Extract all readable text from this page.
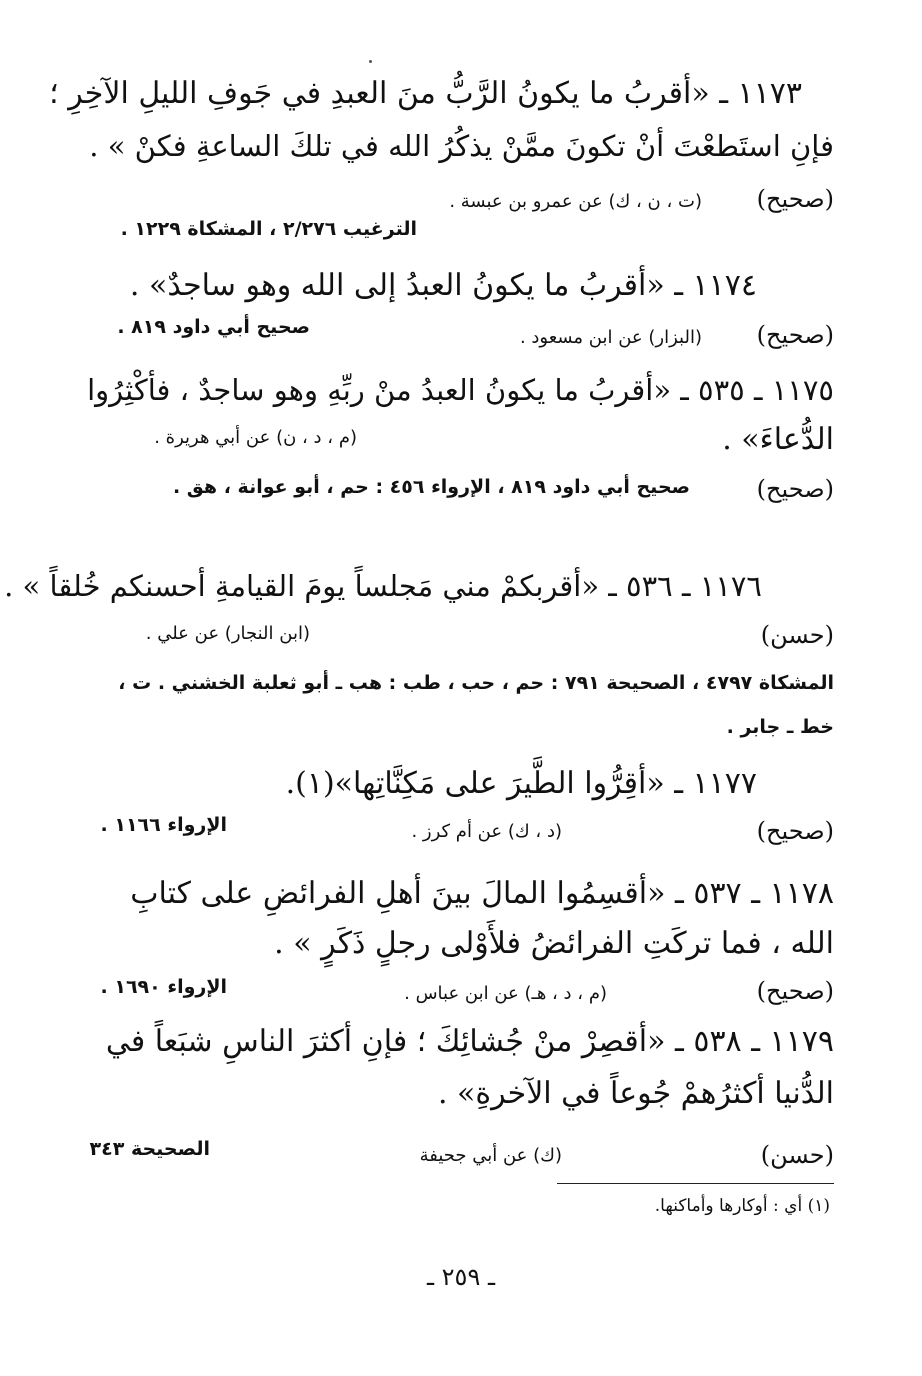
١١٧٣ ـ «أقربُ ما يكونُ الرَّبُّ منَ العبدِ في جَوفِ الليلِ الآخِرِ ؛
فإنِ استَطعْتَ أنْ تكونَ ممَّنْ يذكُرُ الله في تلكَ الساعةِ فكنْ » .
( صحيح )
(ت ، ن ، ك) عن عمرو بن عبسة .
الترغيب ٢/٢٧٦ ، المشكاة ١٢٢٩ .
١١٧٤ ـ «أقربُ ما يكونُ العبدُ إلى الله وهو ساجدٌ» .
( صحيح )
(البزار) عن ابن مسعود .
صحيح أبي داود ٨١٩ .
١١٧٥ ـ ٥٣٥ ـ «أقربُ ما يكونُ العبدُ منْ ربِّهِ وهو ساجدٌ ، فأكْثِرُوا
الدُّعاءَ» .
(م ، د ، ن) عن أبي هريرة .
( صحيح )
صحيح أبي داود ٨١٩ ، الإرواء ٤٥٦ : حم ، أبو عوانة ، هق .
١١٧٦ ـ ٥٣٦ ـ «أقربكمْ مني مَجلساً يومَ القيامةِ أحسنكم خُلقاً » .
( حسن )
(ابن النجار) عن علي .
المشكاة ٤٧٩٧ ، الصحيحة ٧٩١ : حم ، حب ، طب : هب ـ أبو ثعلبة الخشني . ت ،
خط ـ جابر .
١١٧٧ ـ «أقِرُّوا الطَّيرَ على مَكِنَّاتِها»(١).
( صحيح )
(د ، ك) عن أم كرز .
الإرواء ١١٦٦ .
١١٧٨ ـ ٥٣٧ ـ «أقسِمُوا المالَ بينَ أهلِ الفرائضِ على كتابِ
الله ، فما تركَتِ الفرائضُ فلأَوْلى رجلٍ ذَكَرٍ » .
( صحيح )
(م ، د ، هـ) عن ابن عباس .
الإرواء ١٦٩٠ .
١١٧٩ ـ ٥٣٨ ـ «أقصِرْ منْ جُشائِكَ ؛ فإنِ أكثرَ الناسِ شبَعاً في
الدُّنيا أكثرُهمْ جُوعاً في الآخرةِ» .
( حسن )
(ك) عن أبي جحيفة
الصحيحة ٣٤٣
(١) أي : أوكارها وأماكنها.
ـ ٢٥٩ ـ
